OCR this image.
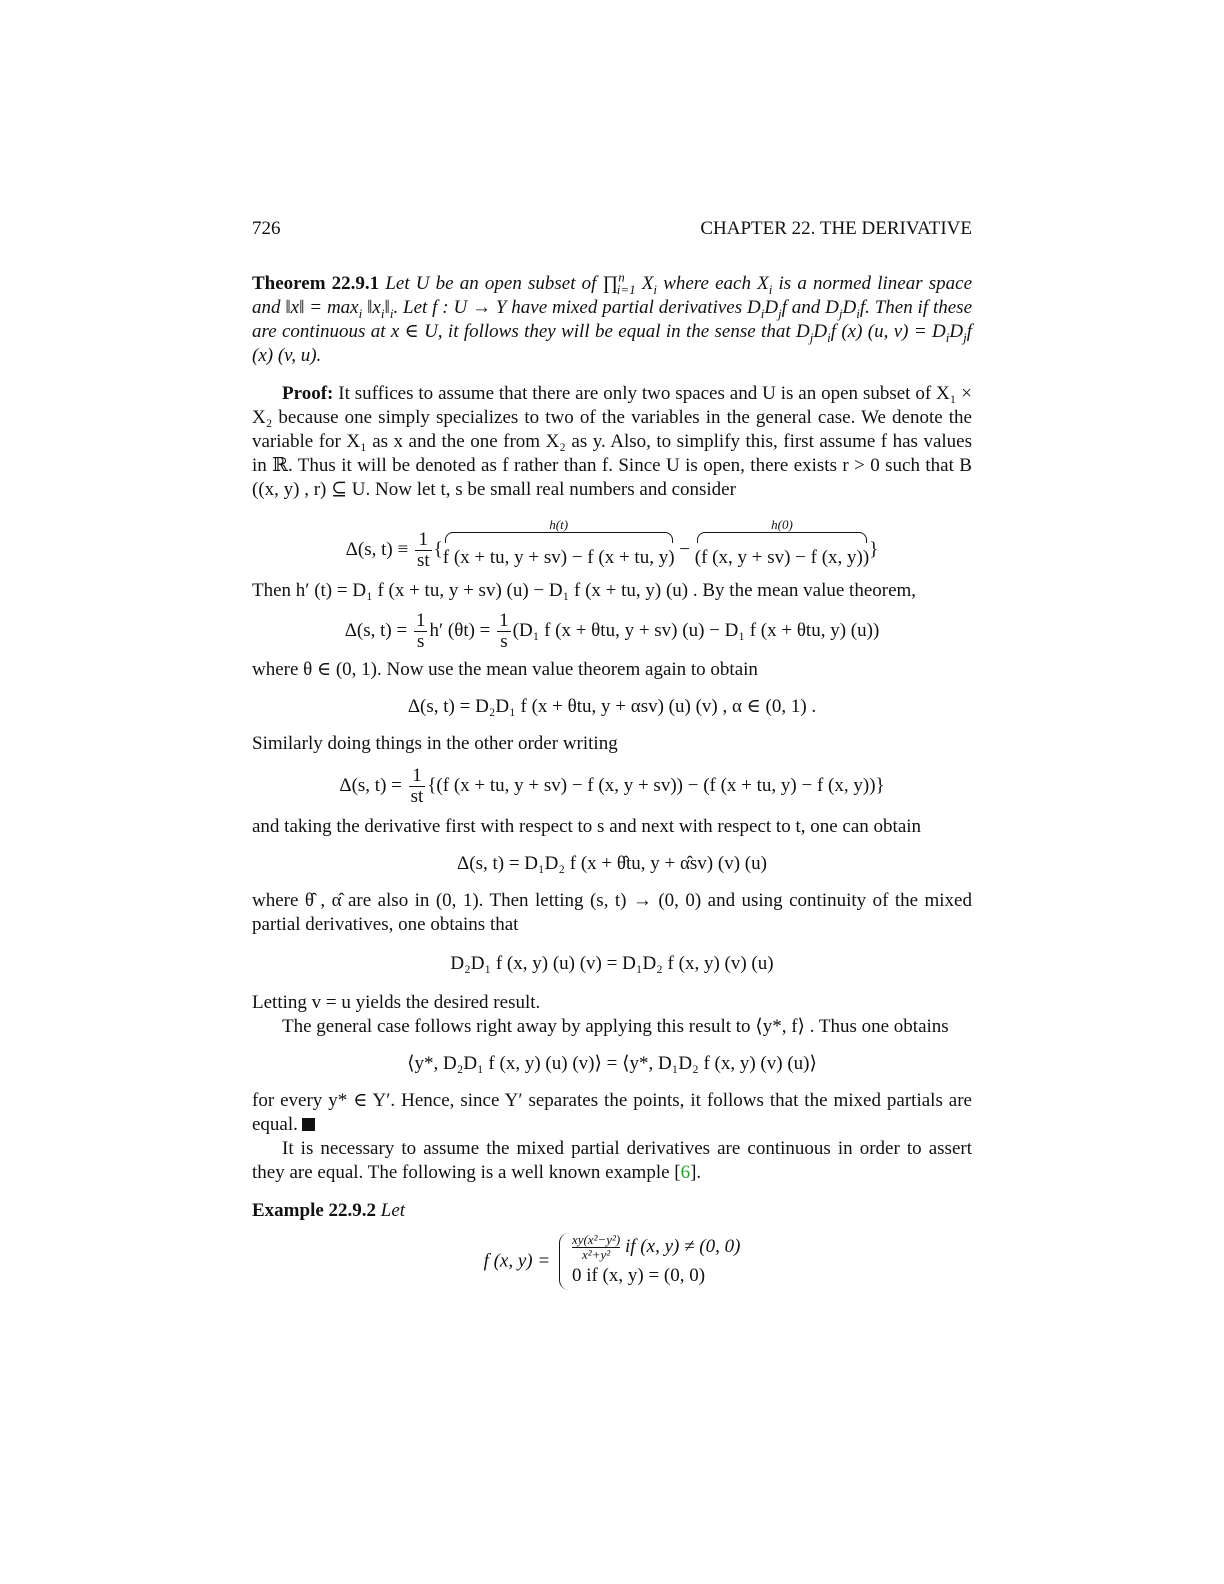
726	CHAPTER 22. THE DERIVATIVE

Theorem 22.9.1 Let U be an open subset of ∏$^n_{i=1}$ $X_i$ where each $X_i$ is a normed linear space and ‖x‖ = $\max_i$ $‖x_i‖_i$. Let f : U → Y have mixed partial derivatives $D_iD_jf$ and $D_jD_if$. Then if these are continuous at x ∈ U, it follows they will be equal in the sense that $D_jD_if$ (x) (u, $v) = D_iD_jf$ (x) (v, u).

Proof: It suffices to assume that there are only two spaces and U is an open subset of X₁ × X₂ because one simply specializes to two of the variables in the general case. We denote the variable for X₁ as x and the one from X₂ as y. Also, to simplify this, first assume f has values in ℝ. Thus it will be denoted as f rather than f. Since U is open, there exists r > 0 such that B ((x, y) , r) ⊆ U. Now let t, s be small real numbers and consider

Δ(s, $t) \equiv \frac{1}{st}$ {
h(t)
f (x + tu, y + sv) − f (x + tu, y) −
h(0)
(f (x, y + sv) − f (x, y))}

Then h′ (t) = D₁ f (x + tu, y + sv) (u) − D₁ f (x + tu, y) (u) . By the mean value theorem,

Δ(s, $t) = \frac{1}{s} h'$ $(\theta t) = \frac{1}{s} (D_1$ f (x + θtu, y + sv) (u) − D₁ f (x + θtu, y) (u))

where θ ∈ (0, 1). Now use the mean value theorem again to obtain

Δ(s, t) = D₂D₁ f (x + θtu, y + αsv) (u) (v) , α ∈ (0, 1) .

Similarly doing things in the other order writing

Δ(s, $t) = \frac{1}{st} \{(f$ (x + tu, y + sv) − f (x, y + sv)) − (f (x + tu, y) − f (x, y))}

and taking the derivative first with respect to s and next with respect to t, one can obtain

Δ(s, t) = D₁D₂ f (x + θ̂tu, y + α̂sv) (v) (u)

where θ̂ , α̂ are also in (0, 1). Then letting (s, t) → (0, 0) and using continuity of the mixed partial derivatives, one obtains that

D₂D₁ f (x, y) (u) (v) = D₁D₂ f (x, y) (v) (u)

Letting v = u yields the desired result.

The general case follows right away by applying this result to ⟨y*, f⟩ . Thus one obtains

⟨y*, D₂D₁ f (x, y) (u) (v)⟩ = ⟨y*, D₁D₂ f (x, y) (v) (u)⟩

for every y* ∈ Y′. Hence, since Y′ separates the points, it follows that the mixed partials are equal.

It is necessary to assume the mixed partial derivatives are continuous in order to assert they are equal. The following is a well known example [6].

Example 22.9.2 Let

f (x, $y) = \frac{\text{xy(x²−y²)}}{\text{x²+y²}}$ if (x, y) ≠ (0, 0)
0 if (x, y) = (0, 0)
